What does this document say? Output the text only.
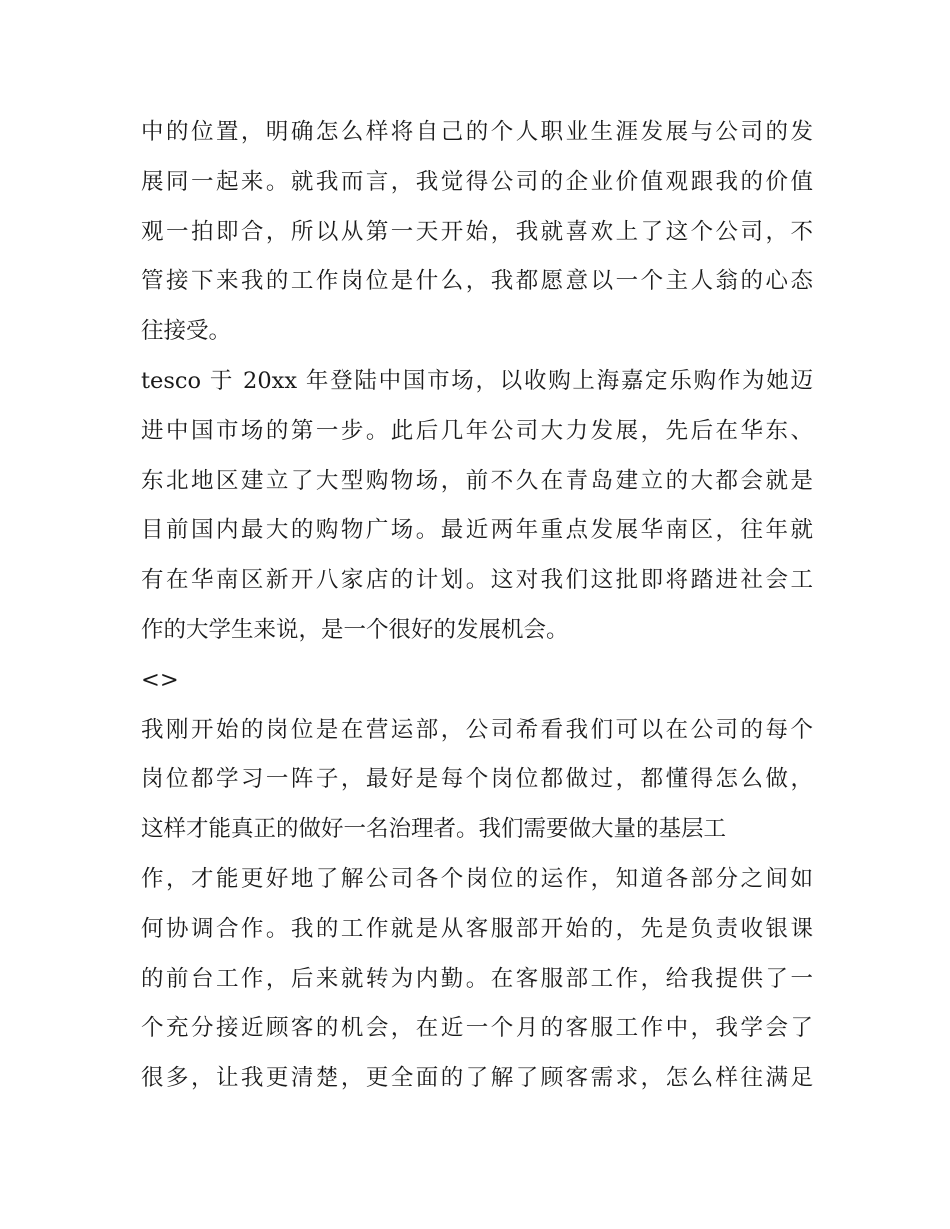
中的位置，明确怎么样将自己的个人职业生涯发展与公司的发
展同一起来。就我而言，我觉得公司的企业价值观跟我的价值
观一拍即合，所以从第一天开始，我就喜欢上了这个公司，不
管接下来我的工作岗位是什么，我都愿意以一个主人翁的心态
往接受。
tesco 于 20xx 年登陆中国市场，以收购上海嘉定乐购作为她迈
进中国市场的第一步。此后几年公司大力发展，先后在华东、
东北地区建立了大型购物场，前不久在青岛建立的大都会就是
目前国内最大的购物广场。最近两年重点发展华南区，往年就
有在华南区新开八家店的计划。这对我们这批即将踏进社会工
作的大学生来说，是一个很好的发展机会。
<>
我刚开始的岗位是在营运部，公司希看我们可以在公司的每个
岗位都学习一阵子，最好是每个岗位都做过，都懂得怎么做，
这样才能真正的做好一名治理者。我们需要做大量的基层工
作，才能更好地了解公司各个岗位的运作，知道各部分之间如
何协调合作。我的工作就是从客服部开始的，先是负责收银课
的前台工作，后来就转为内勤。在客服部工作，给我提供了一
个充分接近顾客的机会，在近一个月的客服工作中，我学会了
很多，让我更清楚，更全面的了解了顾客需求，怎么样往满足
